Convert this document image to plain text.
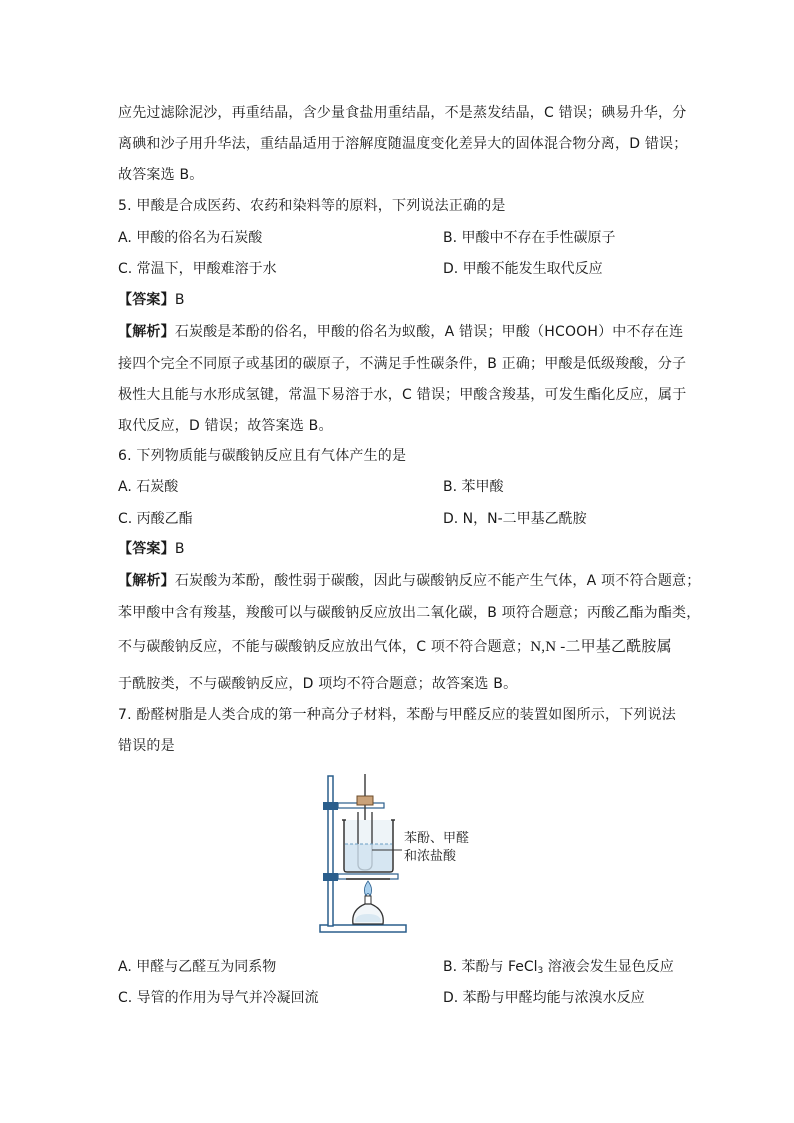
应先过滤除泥沙，再重结晶，含少量食盐用重结晶，不是蒸发结晶，C 错误；碘易升华，分
离碘和沙子用升华法，重结晶适用于溶解度随温度变化差异大的固体混合物分离，D 错误；
故答案选 B。
5. 甲酸是合成医药、农药和染料等的原料，下列说法正确的是
A. 甲酸的俗名为石炭酸	B. 甲酸中不存在手性碳原子
C. 常温下，甲酸难溶于水	D. 甲酸不能发生取代反应
【答案】B
【解析】石炭酸是苯酚的俗名，甲酸的俗名为蚁酸，A 错误；甲酸（HCOOH）中不存在连
接四个完全不同原子或基团的碳原子，不满足手性碳条件，B 正确；甲酸是低级羧酸，分子
极性大且能与水形成氢键，常温下易溶于水，C 错误；甲酸含羧基，可发生酯化反应，属于
取代反应，D 错误；故答案选 B。
6. 下列物质能与碳酸钠反应且有气体产生的是
A. 石炭酸	B. 苯甲酸
C. 丙酸乙酯	D. N，N-二甲基乙酰胺
【答案】B
【解析】石炭酸为苯酚，酸性弱于碳酸，因此与碳酸钠反应不能产生气体，A 项不符合题意；
苯甲酸中含有羧基，羧酸可以与碳酸钠反应放出二氧化碳，B 项符合题意；丙酸乙酯为酯类，
不与碳酸钠反应，不能与碳酸钠反应放出气体，C 项不符合题意；N,N -二甲基乙酰胺属
于酰胺类，不与碳酸钠反应，D 项均不符合题意；故答案选 B。
7. 酚醛树脂是人类合成的第一种高分子材料，苯酚与甲醛反应的装置如图所示，下列说法
错误的是
苯酚、甲醛
和浓盐酸
A. 甲醛与乙醛互为同系物	B. 苯酚与 FeCl$_3$ 溶液会发生显色反应
C. 导管的作用为导气并冷凝回流	D. 苯酚与甲醛均能与浓溴水反应
